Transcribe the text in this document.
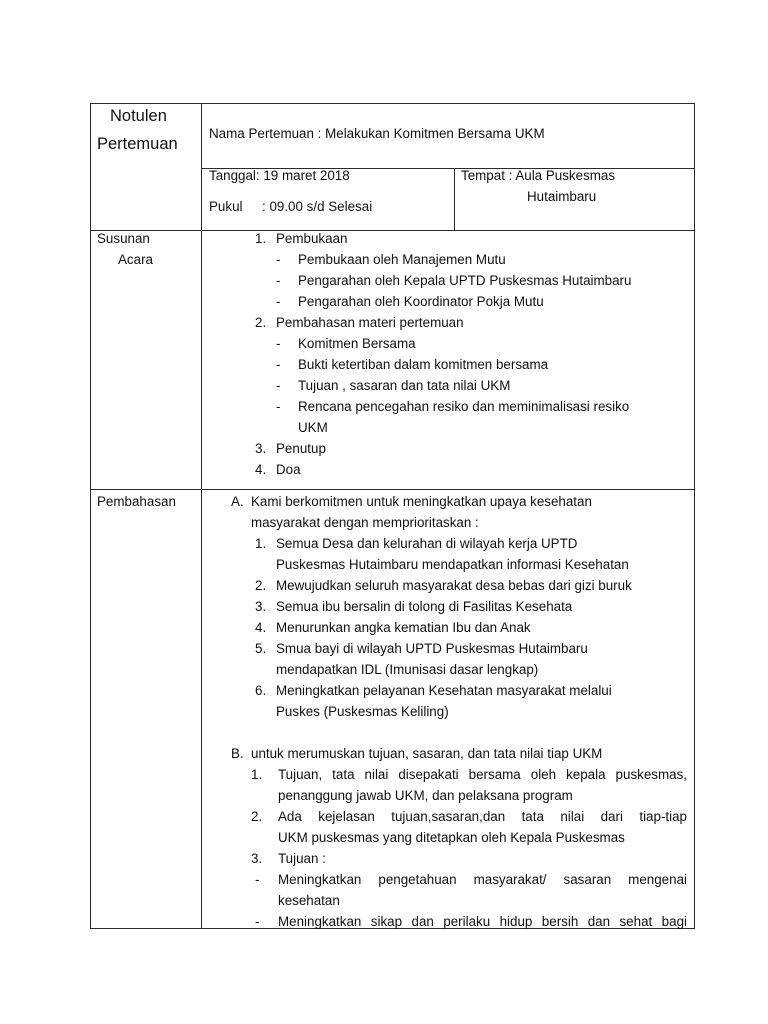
Notulen
Pertemuan
Nama Pertemuan : Melakukan Komitmen Bersama UKM
Tanggal: 19 maret 2018
Pukul : 09.00 s/d Selesai
Tempat : Aula Puskesmas
Hutaimbaru
Susunan
Acara
1. Pembukaan
- Pembukaan oleh Manajemen Mutu
- Pengarahan oleh Kepala UPTD Puskesmas Hutaimbaru
- Pengarahan oleh Koordinator Pokja Mutu
2. Pembahasan materi pertemuan
- Komitmen Bersama
- Bukti ketertiban dalam komitmen bersama
- Tujuan , sasaran dan tata nilai UKM
- Rencana pencegahan resiko dan meminimalisasi resiko
UKM
3. Penutup
4. Doa
Pembahasan	A. Kami berkomitmen untuk meningkatkan upaya kesehatan
masyarakat dengan memprioritaskan :
1. Semua Desa dan kelurahan di wilayah kerja UPTD
Puskesmas Hutaimbaru mendapatkan informasi Kesehatan
2. Mewujudkan seluruh masyarakat desa bebas dari gizi buruk
3. Semua ibu bersalin di tolong di Fasilitas Kesehata
4. Menurunkan angka kematian Ibu dan Anak
5. Smua bayi di wilayah UPTD Puskesmas Hutaimbaru
mendapatkan IDL (Imunisasi dasar lengkap)
6. Meningkatkan pelayanan Kesehatan masyarakat melalui
Puskes (Puskesmas Keliling)
B. untuk merumuskan tujuan, sasaran, dan tata nilai tiap UKM
1. Tujuan, tata nilai disepakati bersama oleh kepala puskesmas,
penanggung jawab UKM, dan pelaksana program
2. Ada kejelasan tujuan,sasaran,dan tata nilai dari tiap-tiap
UKM puskesmas yang ditetapkan oleh Kepala Puskesmas
3. Tujuan :
- Meningkatkan pengetahuan masyarakat/ sasaran mengenai
kesehatan
- Meningkatkan sikap dan perilaku hidup bersih dan sehat bagi
